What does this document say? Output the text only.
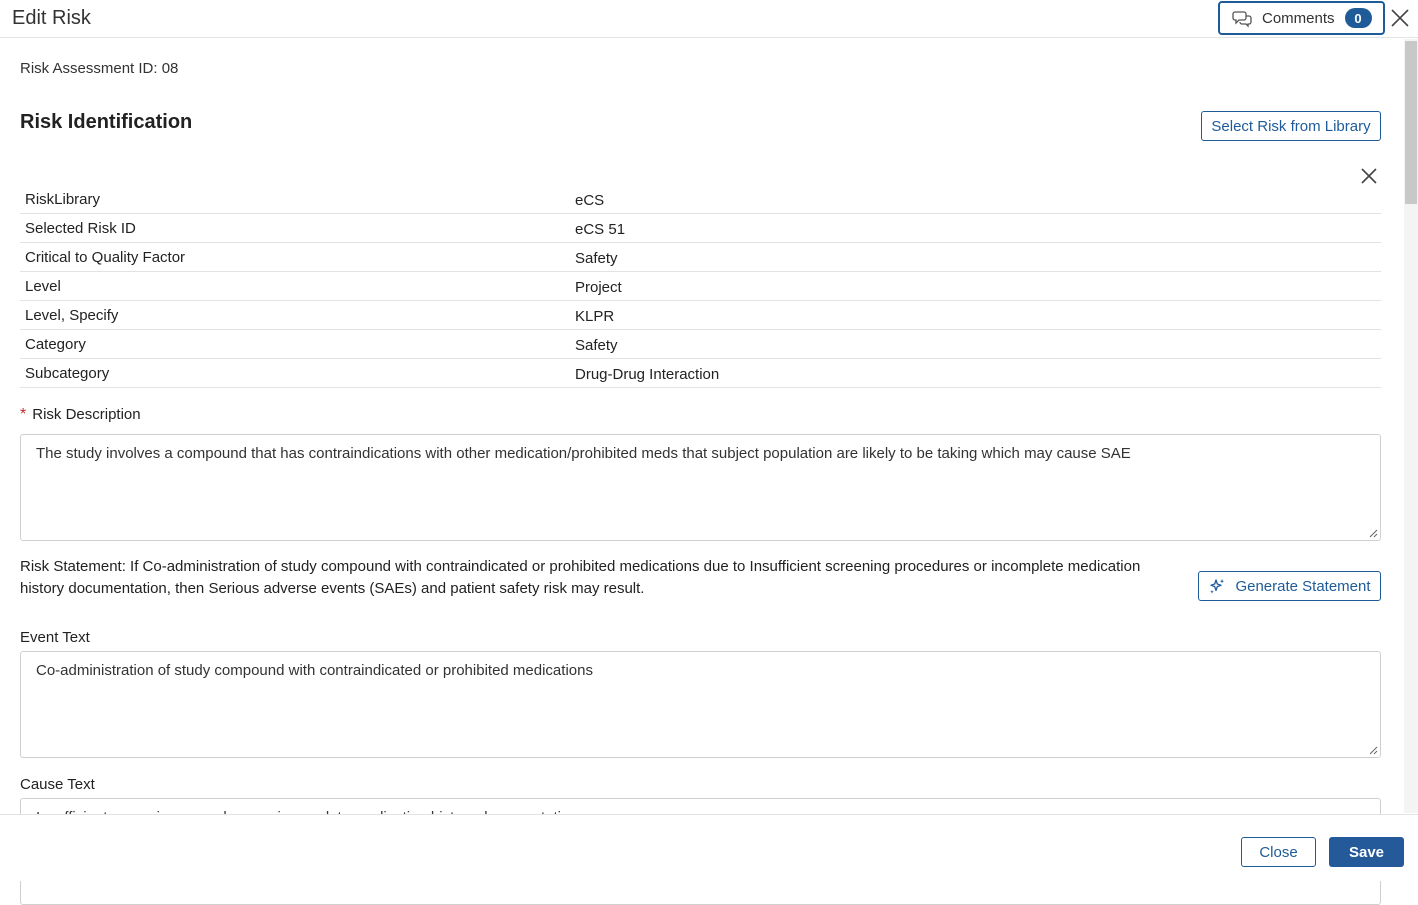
Edit Risk	Comments	0
Risk Assessment ID: 08
Risk Identification	Select Risk from Library
RiskLibrary	eCS
Selected Risk ID	eCS 51
Critical to Quality Factor	Safety
Level	Project
Level, Specify	KLPR
Category	Safety
Subcategory	Drug-Drug Interaction
* Risk Description
The study involves a compound that has contraindications with other medication/prohibited meds that subject population are likely to be taking which may cause SAE
Risk Statement: If Co-administration of study compound with contraindicated or prohibited medications due to Insufficient screening procedures or incomplete medication history documentation, then Serious adverse events (SAEs) and patient safety risk may result.	Generate Statement
Event Text
Co-administration of study compound with contraindicated or prohibited medications
Cause Text
Close	Save
